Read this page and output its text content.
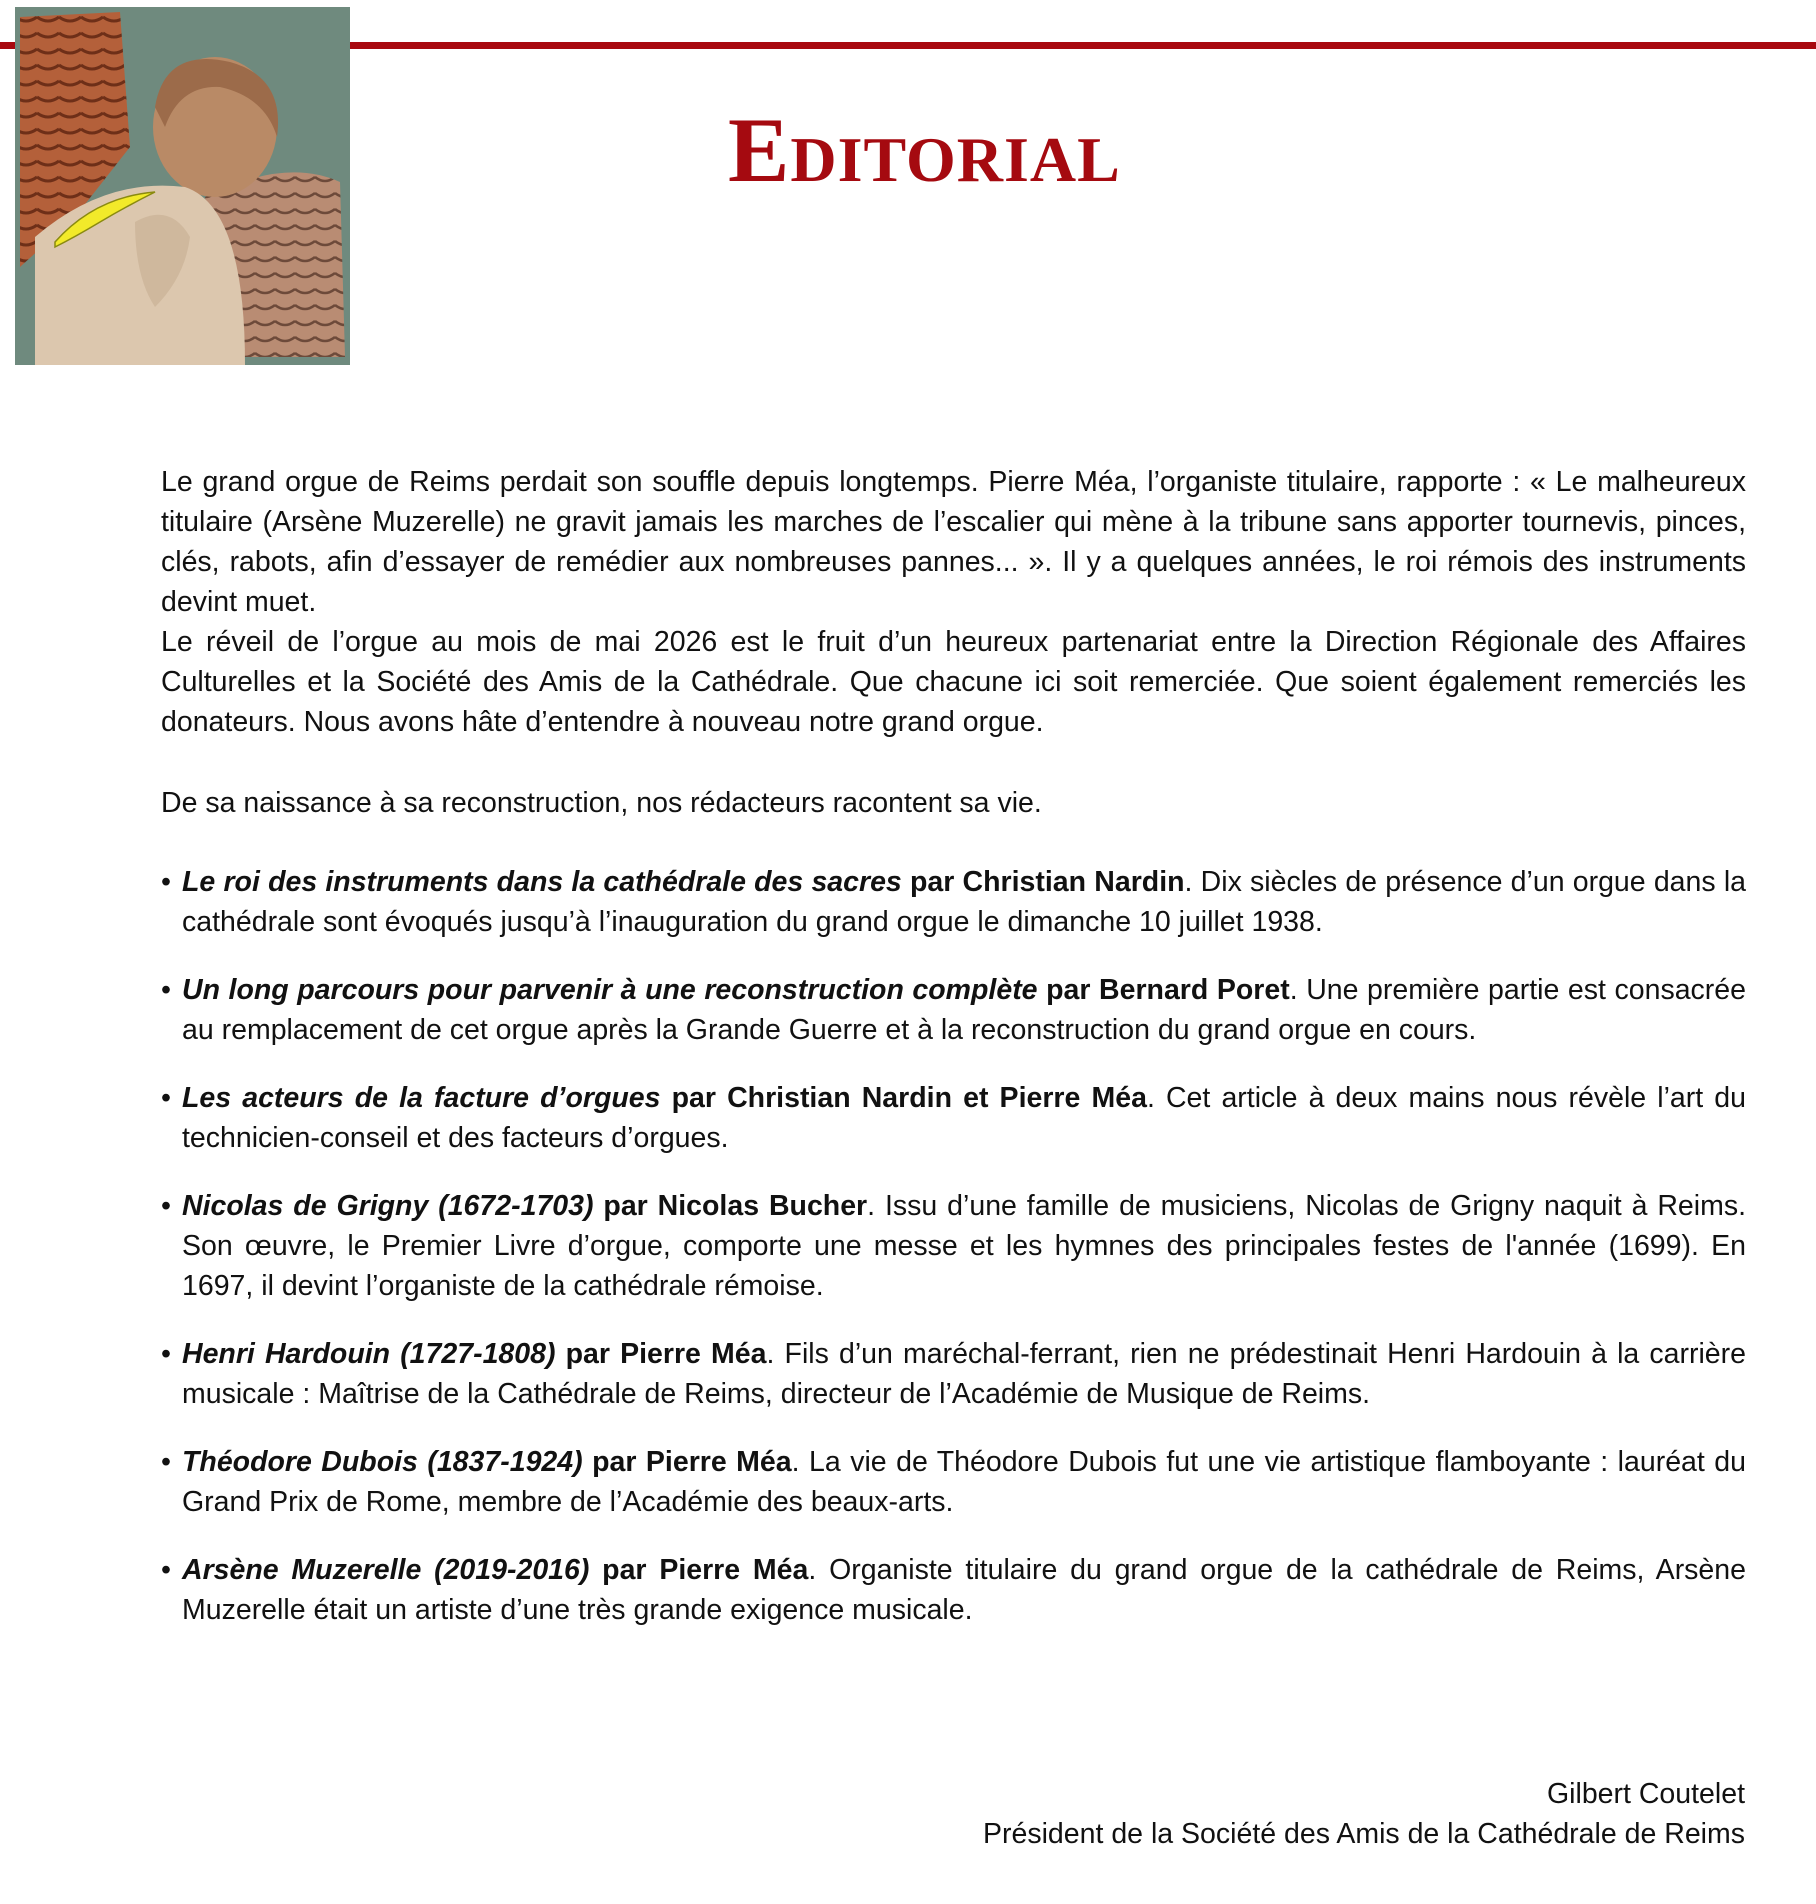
Editorial

Le grand orgue de Reims perdait son souffle depuis longtemps. Pierre Méa, l’organiste titulaire, rapporte : « Le malheureux titulaire (Arsène Muzerelle) ne gravit jamais les marches de l’escalier qui mène à la tribune sans apporter tournevis, pinces, clés, rabots, afin d’essayer de remédier aux nombreuses pannes... ». Il y a quelques années, le roi rémois des instruments devint muet.
Le réveil de l’orgue au mois de mai 2026 est le fruit d’un heureux partenariat entre la Direction Régionale des Affaires Culturelles et la Société des Amis de la Cathédrale. Que chacune ici soit remerciée. Que soient également remerciés les donateurs. Nous avons hâte d’entendre à nouveau notre grand orgue.

De sa naissance à sa reconstruction, nos rédacteurs racontent sa vie.

• Le roi des instruments dans la cathédrale des sacres par Christian Nardin. Dix siècles de présence d’un orgue dans la cathédrale sont évoqués jusqu’à l’inauguration du grand orgue le dimanche 10 juillet 1938.
• Un long parcours pour parvenir à une reconstruction complète par Bernard Poret. Une première partie est consacrée au remplacement de cet orgue après la Grande Guerre et à la reconstruction du grand orgue en cours.
• Les acteurs de la facture d’orgues par Christian Nardin et Pierre Méa. Cet article à deux mains nous révèle l’art du technicien-conseil et des facteurs d’orgues.
• Nicolas de Grigny (1672-1703) par Nicolas Bucher. Issu d’une famille de musiciens, Nicolas de Grigny naquit à Reims. Son œuvre, le Premier Livre d’orgue, comporte une messe et les hymnes des principales festes de l'année (1699). En 1697, il devint l’organiste de la cathédrale rémoise.
• Henri Hardouin (1727-1808) par Pierre Méa. Fils d’un maréchal-ferrant, rien ne prédestinait Henri Hardouin à la carrière musicale : Maîtrise de la Cathédrale de Reims, directeur de l’Académie de Musique de Reims.
• Théodore Dubois (1837-1924) par Pierre Méa. La vie de Théodore Dubois fut une vie artistique flamboyante : lauréat du Grand Prix de Rome, membre de l’Académie des beaux-arts.
• Arsène Muzerelle (2019-2016) par Pierre Méa. Organiste titulaire du grand orgue de la cathédrale de Reims, Arsène Muzerelle était un artiste d’une très grande exigence musicale.
Gilbert Coutelet
Président de la Société des Amis de la Cathédrale de Reims
